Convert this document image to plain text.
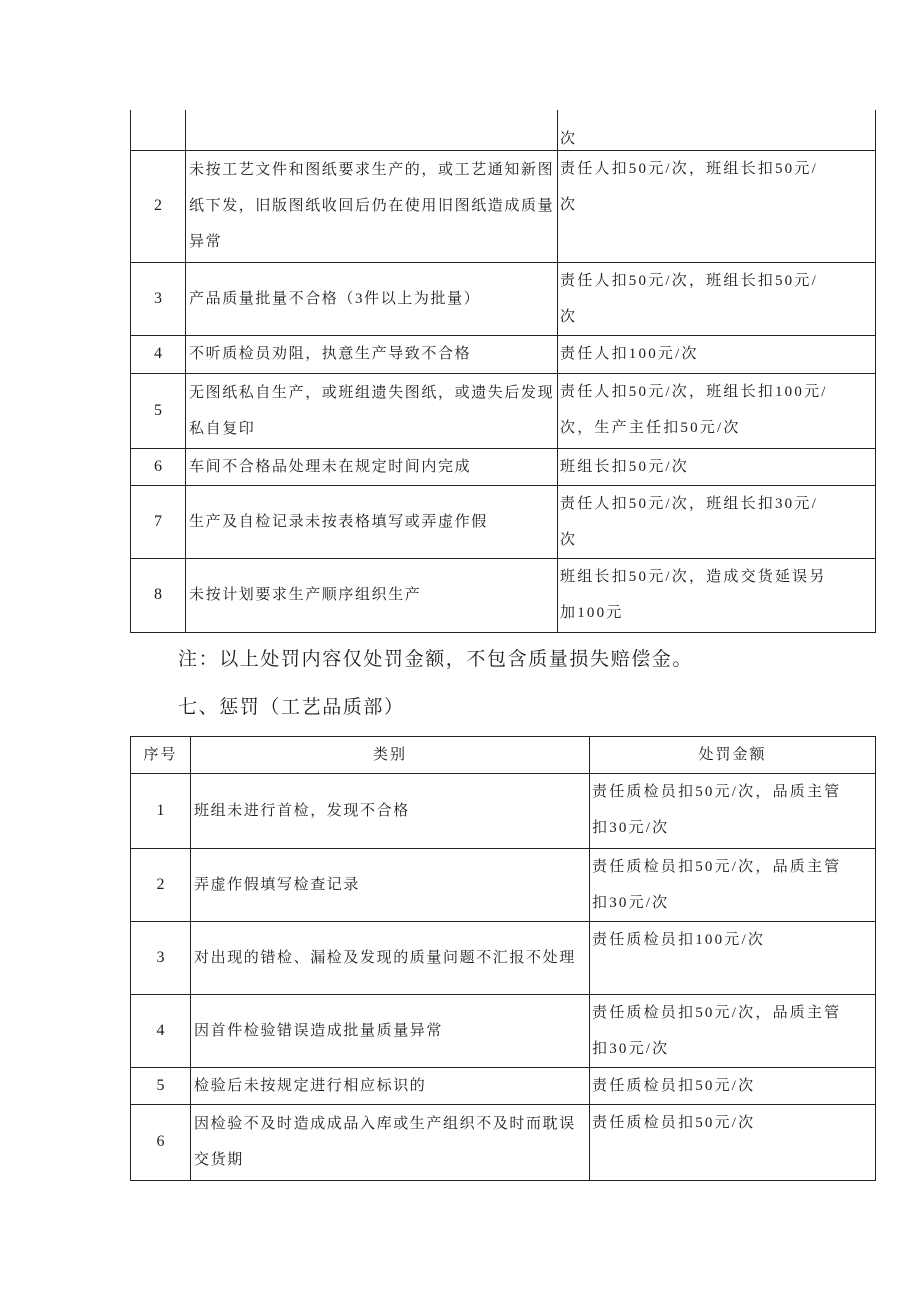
		次
2	未按工艺文件和图纸要求生产的，或工艺通知新图纸下发，旧版图纸收回后仍在使用旧图纸造成质量异常	责任人扣50元/次，班组长扣50元/次
3	产品质量批量不合格（3件以上为批量）	责任人扣50元/次，班组长扣50元/次
4	不听质检员劝阻，执意生产导致不合格	责任人扣100元/次
5	无图纸私自生产，或班组遗失图纸，或遗失后发现私自复印	责任人扣50元/次，班组长扣100元/次，生产主任扣50元/次
6	车间不合格品处理未在规定时间内完成	班组长扣50元/次
7	生产及自检记录未按表格填写或弄虚作假	责任人扣50元/次，班组长扣30元/次
8	未按计划要求生产顺序组织生产	班组长扣50元/次，造成交货延误另加100元
注：以上处罚内容仅处罚金额，不包含质量损失赔偿金。
七、惩罚（工艺品质部）
序号	类别	处罚金额
1	班组未进行首检，发现不合格	责任质检员扣50元/次，品质主管扣30元/次
2	弄虚作假填写检查记录	责任质检员扣50元/次，品质主管扣30元/次
3	对出现的错检、漏检及发现的质量问题不汇报不处理	责任质检员扣100元/次
4	因首件检验错误造成批量质量异常	责任质检员扣50元/次，品质主管扣30元/次
5	检验后未按规定进行相应标识的	责任质检员扣50元/次
6	因检验不及时造成成品入库或生产组织不及时而耽误交货期	责任质检员扣50元/次
